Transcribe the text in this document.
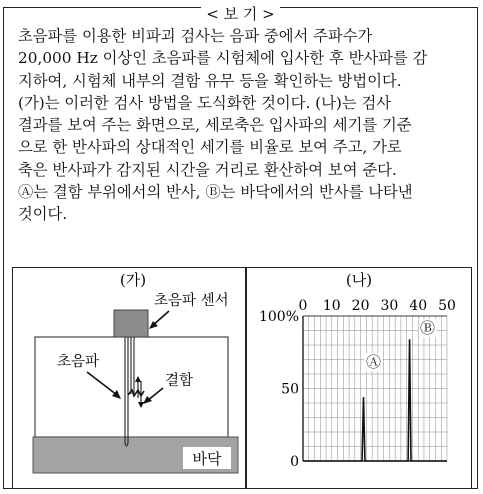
< 보 기 >
초음파를 이용한 비파괴 검사는 음파 중에서 주파수가
20,000 Hz 이상인 초음파를 시험체에 입사한 후 반사파를 감
지하여, 시험체 내부의 결함 유무 등을 확인하는 방법이다.
(가)는 이러한 검사 방법을 도식화한 것이다. (나)는 검사
결과를 보여 주는 화면으로, 세로축은 입사파의 세기를 기준
으로 한 반사파의 상대적인 세기를 비율로 보여 주고, 가로
축은 반사파가 감지된 시간을 거리로 환산하여 보여 준다.
Ⓐ는 결함 부위에서의 반사, Ⓑ는 바닥에서의 반사를 나타낸
것이다.
(가)
바닥
초음파 센서
결함
초음파
(나)
0 10 20 30 40 50
100%
50
0
Ⓐ
Ⓑ
